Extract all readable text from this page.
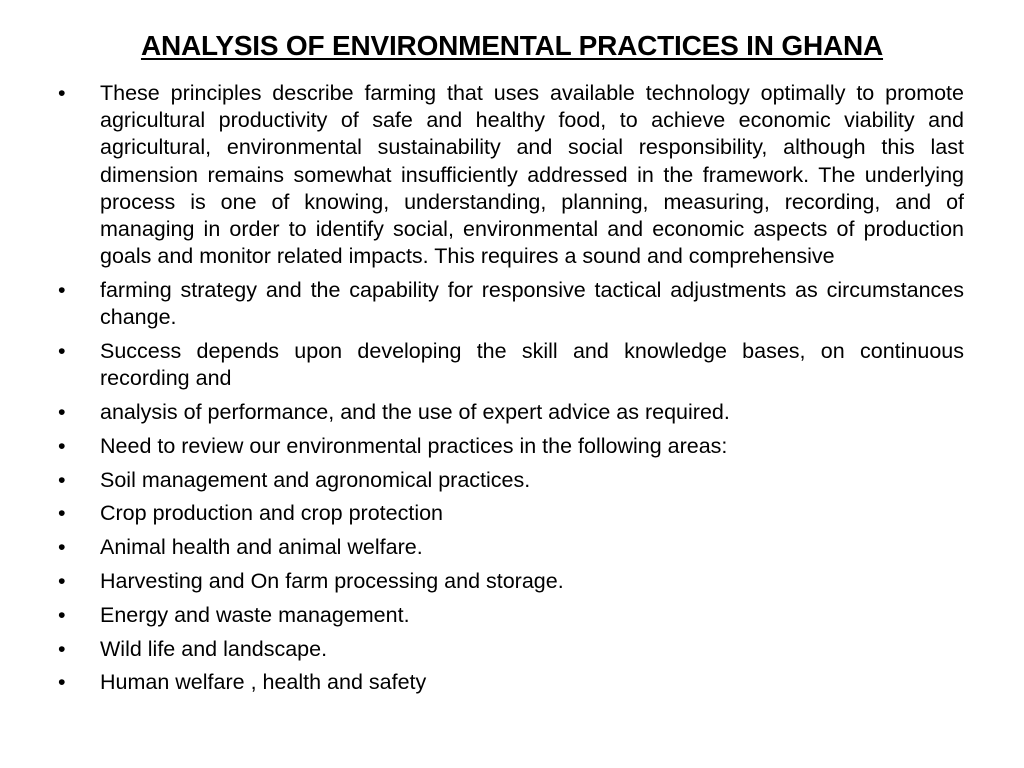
ANALYSIS OF ENVIRONMENTAL PRACTICES IN GHANA
•	These principles describe farming that uses available technology optimally to promote agricultural productivity of safe and healthy food, to achieve economic viability and agricultural, environmental sustainability and social responsibility, although this last dimension remains somewhat insufficiently addressed in the framework. The underlying process is one of knowing, understanding, planning, measuring, recording, and of managing in order to identify social, environmental and economic aspects of production goals and monitor related impacts. This requires a sound and comprehensive
•	farming strategy and the capability for responsive tactical adjustments as circumstances change.
•	Success depends upon developing the skill and knowledge bases, on continuous recording and
•	analysis of performance, and the use of expert advice as required.
•	Need to review our environmental practices in the following areas:
•	Soil management and agronomical practices.
•	Crop production and crop protection
•	Animal health and animal welfare.
•	Harvesting and On farm processing and storage.
•	Energy and waste management.
•	Wild life and landscape.
•	Human welfare , health and safety
